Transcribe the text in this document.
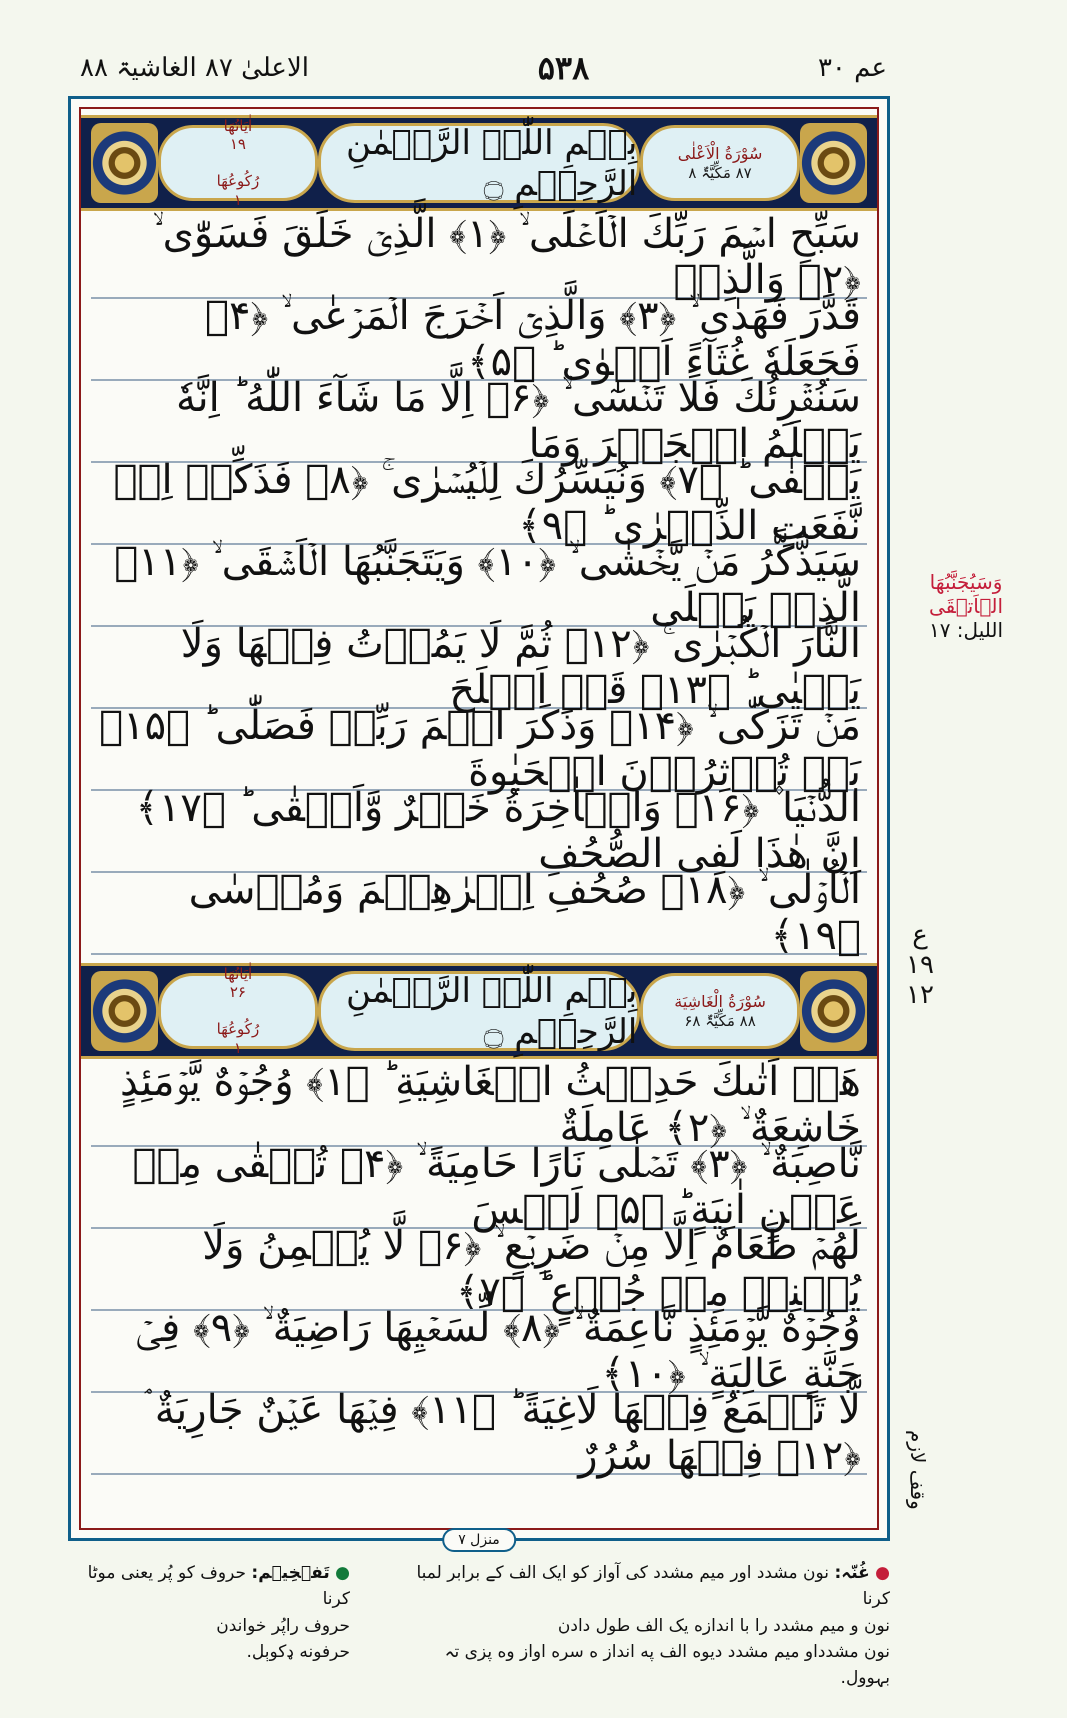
عم ۳۰
۵۳۸
الاعلیٰ ۸۷ الغاشیۃ ۸۸
سُوْرَةُ الْاَعْلٰی
۸۷ مَکِّيَّۃٌ ۸
بِسۡمِ اللّٰہِ الرَّحۡمٰنِ الرَّحِيۡمِ ۝
اٰيَاتُهَا
۱۹
رُكُوعُهَا
۱
سَبِّحِ اسۡمَ رَبِّكَ الۡاَعۡلَى ۙ ﴿۱﴾ الَّذِیۡ خَلَقَ فَسَوّٰی ۙ ﴿۲﴾ وَالَّذِیۡ
قَدَّرَ فَهَدٰی ۙ ﴿۳﴾ وَالَّذِیۡۤ اَخۡرَجَ الۡمَرۡعٰی ۙ ﴿۴﴾ فَجَعَلَهٗ غُثَآءً اَحۡوٰی ؕ ﴿۵﴾
سَنُقۡرِئُكَ فَلَا تَنۡسٰٓی ۙ ﴿۶﴾ اِلَّا مَا شَآءَ اللّٰهُ ؕ اِنَّهٗ يَعۡلَمُ الۡجَهۡرَ وَمَا
يَخۡفٰی ؕ ﴿۷﴾ وَنُيَسِّرُكَ لِلۡيُسۡرٰی ۚ ﴿۸﴾ فَذَكِّرۡ اِنۡ نَّفَعَتِ الذِّكۡرٰی ؕ ﴿۹﴾
سَيَذَّكَّرُ مَنۡ يَّخۡشٰی ۙ ﴿۱۰﴾ وَيَتَجَنَّبُهَا الۡاَشۡقَى ۙ ﴿۱۱﴾ الَّذِیۡ يَصۡلَی
النَّارَ الۡكُبۡرٰی ۚ ﴿۱۲﴾ ثُمَّ لَا يَمُوۡتُ فِيۡهَا وَلَا يَحۡيٰی ؕ ﴿۱۳﴾ قَدۡ اَفۡلَحَ
مَنۡ تَزَكّٰی ۙ ﴿۱۴﴾ وَذَكَرَ اسۡمَ رَبِّهٖ فَصَلّٰی ؕ ﴿۱۵﴾ بَلۡ تُؤۡثِرُوۡنَ الۡحَيٰوةَ
الدُّنۡيَا ۫ ﴿۱۶﴾ وَالۡاٰخِرَةُ خَيۡرٌ وَّاَبۡقٰی ؕ ﴿۱۷﴾ اِنَّ هٰذَا لَفِی الصُّحُفِ
الۡاُوۡلٰی ۙ ﴿۱۸﴾ صُحُفِ اِبۡرٰهِيۡمَ وَمُوۡسٰی ﴿۱۹﴾
سُوْرَةُ الْغَاشِيَة
۸۸ مَکِّيَّۃٌ ۶۸
بِسۡمِ اللّٰہِ الرَّحۡمٰنِ الرَّحِيۡمِ ۝
اٰيَاتُهَا
۲۶
رُكُوعُهَا
۱
هَلۡ اَتٰٮكَ حَدِيۡثُ الۡغَاشِيَةِ ؕ ﴿۱﴾ وُجُوۡهٌ يَّوۡمَئِذٍ خَاشِعَةٌ ۙ ﴿۲﴾ عَامِلَةٌ
نَّاصِبَةٌ ۙ ﴿۳﴾ تَصۡلٰی نَارًا حَامِيَةً ۙ ﴿۴﴾ تُسۡقٰی مِنۡ عَيۡنٍ اٰنِيَةٍ ؕ ﴿۵﴾ لَيۡسَ
لَهُمۡ طَعَامٌ اِلَّا مِنۡ ضَرِيۡعٍ ۙ ﴿۶﴾ لَّا يُسۡمِنُ وَلَا يُغۡنِیۡ مِنۡ جُوۡعٍ ؕ ﴿۷﴾
وُجُوۡهٌ يَّوۡمَئِذٍ نَّاعِمَةٌ ۙ ﴿۸﴾ لِّسَعۡيِهَا رَاضِيَةٌ ۙ ﴿۹﴾ فِیۡ جَنَّةٍ عَالِيَةٍ ۙ ﴿۱۰﴾
لَّا تَسۡمَعُ فِيۡهَا لَاغِيَةً ؕ ﴿۱۱﴾ فِيۡهَا عَيۡنٌ جَارِيَةٌ ۘ ﴿۱۲﴾ فِيۡهَا سُرُرٌ
منزل ۷
وَسَيُجَنَّبُهَا الۡاَتۡقَى
اللیل: ۱۷
ع ۱۹ ۱۲
وقف لازم
● غُنّہ: نون مشدد اور میم مشدد کی آواز کو ایک الف کے برابر لمبا کرنا
نون و میم مشدد را با اندازه یک الف طول دادن
نون مشدداو میم مشدد دیوه الف په انداز ه سره اواز وه پزی تہ بہوول.
● تَفۡخِیۡم: حروف کو پُر یعنی موٹا کرنا
حروف راپُر خواندن
حرفونه ډکوېل.
